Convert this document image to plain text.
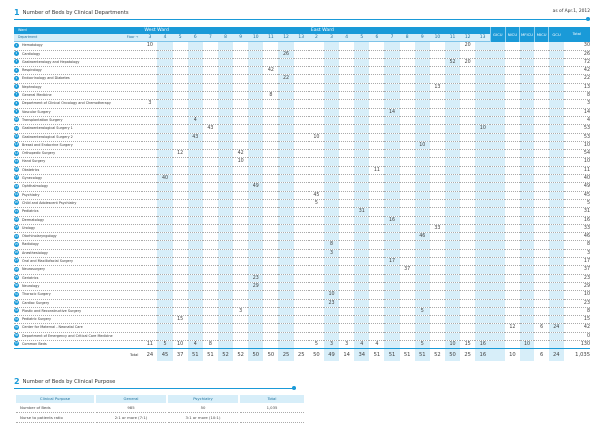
1 Number of Beds by Clinical Departments	as of Apr.1, 2012
Ward	West Ward											East Ward												GICU	NICU	MFICU	MICU	GCU	Total
Department Floor →	3	4	5	6	7	8	9	10	11	12	13	2	3	4	5	6	7	8	9	10	11	12	13						
1 Hematology	10																					20							30
2 Cardiology										26																			26
3 Gastroenterology and Hepatology																					52	20							72
4 Respirology									42																				42
5 Endocrinology and Diabetes										22																			22
6 Nephrology																				13									13
7 General Medicine									8																				8
8 Department of Clinical Oncology and Chemotherapy	3																												3
9 Vascular Surgery																	14												14
10 Transplantation Surgery				4																									4
11 Gastroenterological Surgery 1					43																		10						53
12 Gastroenterological Surgery 2				43								10																	53
13 Breast and Endocrine Surgery																			10										10
14 Orthopedic Surgery			12				42																						54
15 Hand Surgery							10																						10
16 Obstetrics																11													11
17 Gynecology		40																											40
18 Ophthalmology								49																					49
19 Psychiatry												45																	45
20 Child and Adolescent Psychiatry												5																	5
21 Pediatrics															31														31
22 Dermatology																	16												16
23 Urology																				33									33
24 Otorhinolaryngology																			46										46
25 Radiology													8																8
26 Anesthesiology													3																3
27 Oral and Maxillofacial Surgery																	17												17
28 Neurosurgery																		37											37
29 Geriatrics								23																					23
30 Neurology								29																					29
31 Thoracic Surgery													10																10
32 Cardiac Surgery													23																23
33 Plastic and Reconstructive Surgery							3												5										8
34 Pediatric Surgery			15																										15
35 Center for Maternal - Neonatal Care																									12		6	24	42
36 Department of Emergency and Critical Care Medicine																													0
37 Common Beds	11	5	10	4	8							5	3	3	4	4			5		10	15	16			10			130
Total	24	45	37	51	51	52	52	50	50	25	25	50	49	14	34	51	51	51	51	52	50	25	16		10		6	24	1,035
2 Number of Beds by Clinical Purpose
Clinical Purpose	General	Psychiatry	Total
Number of Beds	985	50	1,035
Nurse to patients ratio	2:1 or more (7:1)	3:1 or more (10:1)	
